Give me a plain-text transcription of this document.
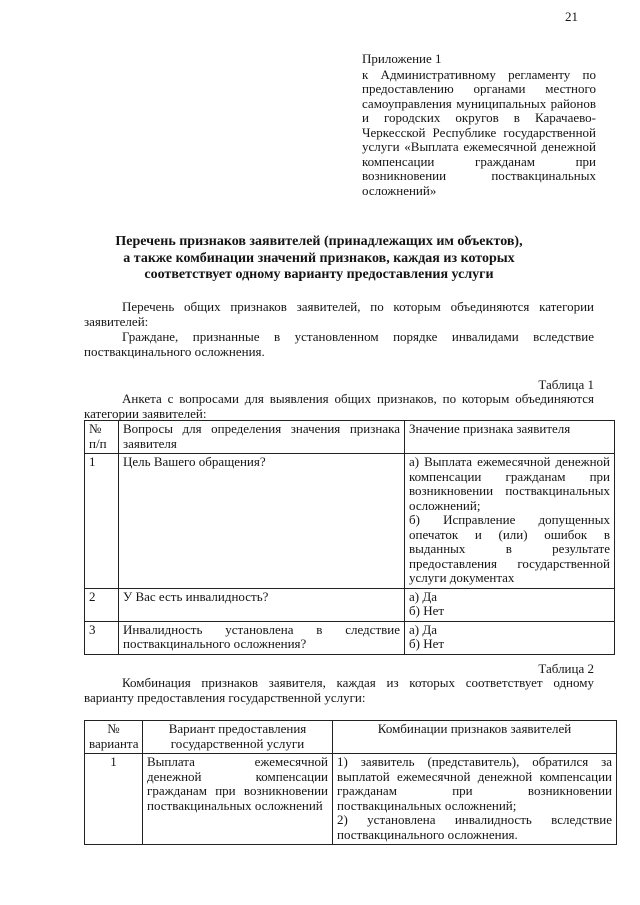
21
Приложение 1
к Административному регламенту по предоставлению органами местного самоуправления муниципальных районов и городских округов в Карачаево-Черкесской Республике государственной услуги «Выплата ежемесячной денежной компенсации гражданам при возникновении поствакцинальных осложнений»
Перечень признаков заявителей (принадлежащих им объектов),
а также комбинации значений признаков, каждая из которых
соответствует одному варианту предоставления услуги
Перечень общих признаков заявителей, по которым объединяются категории заявителей:
Граждане, признанные в установленном порядке инвалидами вследствие поствакцинального осложнения.
Таблица 1
Анкета с вопросами для выявления общих признаков, по которым объединяются категории заявителей:
№ п/п	Вопросы для определения значения признака заявителя	Значение признака заявителя
1	Цель Вашего обращения?	а) Выплата ежемесячной денежной компенсации гражданам при возникновении поствакцинальных осложнений;
б) Исправление допущенных опечаток и (или) ошибок в выданных в результате предоставления государственной услуги документах

2	У Вас есть инвалидность?	а) Да
б) Нет

3	Инвалидность установлена в следствие поствакцинального осложнения?	а) Да
б) Нет
Таблица 2
Комбинация признаков заявителя, каждая из которых соответствует одному варианту предоставления государственной услуги:
№ варианта	Вариант предоставления государственной услуги	Комбинации признаков заявителей
1	Выплата ежемесячной денежной компенсации гражданам при возникновении поствакцинальных осложнений	1) заявитель (представитель), обратился за выплатой ежемесячной денежной компенсации гражданам при возникновении поствакцинальных осложнений;
2) установлена инвалидность вследствие поствакцинального осложнения.
